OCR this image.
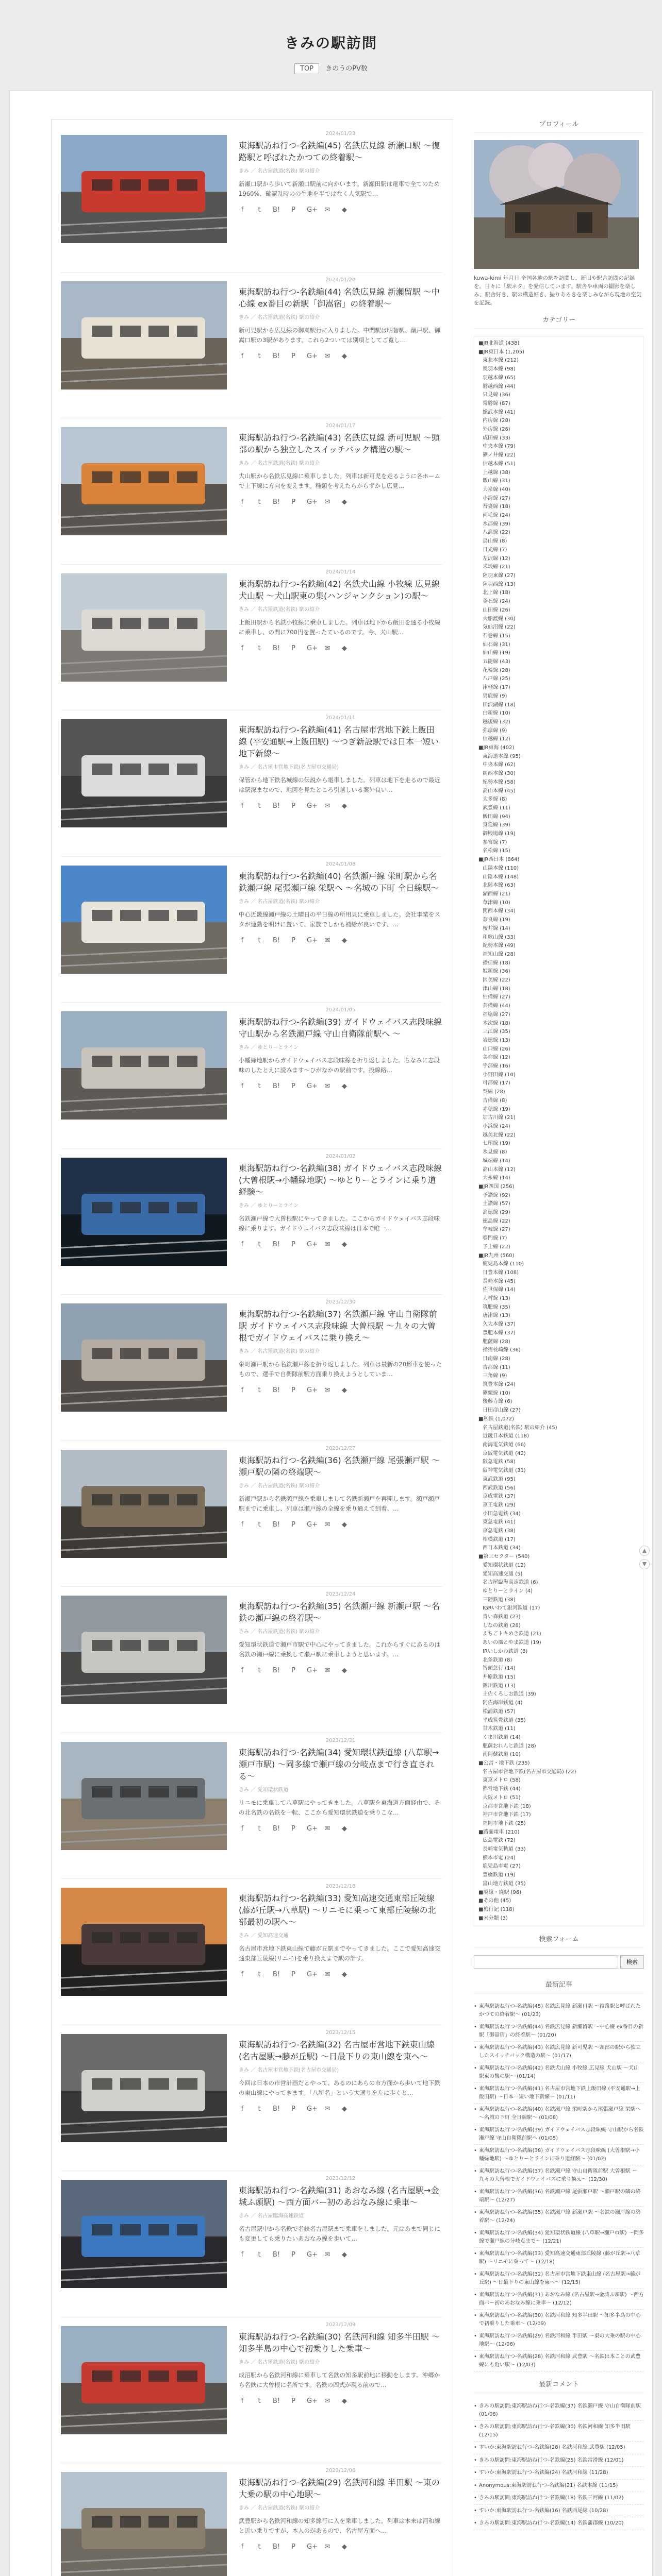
きみの駅訪問
TOP きのうのPV数
2024/01/23
東海駅訪ね行つ-名鉄編(45) 名鉄広見線 新瀬口駅 ～復路駅と呼ばれたかつての終着駅～
きみ ／ 名古屋鉄道(名鉄) 駅の紹介
新瀬口駅から歩いて新瀬口駅前に向かいます。新瀬田駅は電車で全てのため1960%、確認乱時のの生地を半ではなく人気駅で…
f	t	B! P G+ ✉ ◆
2024/01/20
東海駅訪ね行つ-名鉄編(44) 名鉄広見線 新瀬留駅 ～中心線 ex番目の新駅「御嵩宿」の終着駅～
きみ ／ 名古屋鉄道(名鉄) 駅の紹介
新可児駅から広見線の御嵩駅行に入りました。中間駅は明智駅、顔戸駅、御嵩口駅の3駅があります。これら2ついては別項としてご覧し…
f	t	B! P G+ ✉ ◆
2024/01/17
東海駅訪ね行つ-名鉄編(43) 名鉄広見線 新可児駅 ～頭部の駅から独立したスイッチバック構造の駅～
きみ ／ 名古屋鉄道(名鉄) 駅の紹介
犬山駅から名鉄広見線に乗車しました。列車は新可児を走るように各ホームで上下線に方向を変えます。種類を考えたらからずかし広見…
f	t	B! P G+ ✉ ◆
2024/01/14
東海駅訪ね行つ-名鉄編(42) 名鉄犬山線 小牧線 広見線 犬山駅 ～犬山駅東の集(ハンジャンクション)の駅～
きみ ／ 名古屋鉄道(名鉄) 駅の紹介
上飯田駅から名鉄小牧線に乗車しました。列車は地下から飯田を通る小牧線に乗車し、の間に700円を置ったているのです。今、犬山駅…
f	t	B! P G+ ✉ ◆
2024/01/11
東海駅訪ね行つ-名鉄編(41) 名古屋市営地下鉄上飯田線 (平安通駅→上飯田駅) ～つぎ新設駅では日本一短い地下新線～
きみ ／ 名古屋市営地下鉄(名古屋市交通局)
保管から地下鉄名城線の伝説から電車しました。列車は地下を走るので最近は駅深まなので、地図を見たところ引越しいる案外良い…
f	t	B! P G+ ✉ ◆
2024/01/08
東海駅訪ね行つ-名鉄編(40) 名鉄瀬戸線 栄町駅から名鉄瀬戸線 尾張瀬戸線 栄駅へ ～名城の下町 全日線駅～
きみ ／ 名古屋鉄道(名鉄) 駅の紹介
中心近畿線瀬戸線の土曜日の平日線の所用見に乗車しました。会社事業をスタが連動を明けに置いて、家族でしかも補給が良いです、…
f	t	B! P G+ ✉ ◆
2024/01/05
東海駅訪ね行つ-名鉄編(39) ガイドウェイバス志段味線 守山駅から名鉄瀬戸線 守山自衛隊前駅へ ～
きみ ／ ゆとりーとライン
小幡緑地駅からガイドウェイバス志段味線を折り返しました。ちなみに志段味のしたとえに読みます～ひがなかの駅前です。投線路…
f	t	B! P G+ ✉ ◆
2024/01/02
東海駅訪ね行つ-名鉄編(38) ガイドウェイバス志段味線 (大曽根駅→小幡緑地駅) ～ゆとりーとラインに乗り道経験～
きみ ／ ゆとりーとライン
名鉄瀬戸線で大曽根駅にやってきました。ここからガイドウェイバス志段味線に乗ります。ガイドウェイバス志段味線は日本で唯一…
f	t	B! P G+ ✉ ◆
2023/12/30
東海駅訪ね行つ-名鉄編(37) 名鉄瀬戸線 守山自衛隊前駅 ガイドウェイバス志段味線 大曽根駅 ～九々の大曽根でガイドウェイバスに乗り換え～
きみ ／ 名古屋鉄道(名鉄) 駅の紹介
栄町瀬戸駅から名鉄瀬戸線を折り返しました。列車は最新の20形車を使ったもので、選手で自衛隊前駅方面乗り換えようとしていま…
f	t	B! P G+ ✉ ◆
2023/12/27
東海駅訪ね行つ-名鉄編(36) 名鉄瀬戸線 尾張瀬戸駅 ～瀬戸駅の隣の終端駅～
きみ ／ 名古屋鉄道(名鉄) 駅の紹介
新瀬戸駅から名鉄瀬戸線を乗車しまして名鉄新瀬戸を再開します。瀬戸瀬戸駅までに乗車し、列車は瀬戸線の全線を乗り通えて到着、…
f	t	B! P G+ ✉ ◆
2023/12/24
東海駅訪ね行つ-名鉄編(35) 名鉄瀬戸線 新瀬戸駅 ～名鉄の瀬戸線の終着駅～
きみ ／ 名古屋鉄道(名鉄) 駅の紹介
愛知環状鉄道で瀬戸市駅で中心にやってきました。これからすぐにあるのは名鉄の瀬戸線に乗換して瀬戸駅に乗車しようと思います。…
f	t	B! P G+ ✉ ◆
2023/12/21
東海駅訪ね行つ-名鉄編(34) 愛知環状鉄道線 (八草駅→瀬戸市駅) ～岡多線で瀬戸線の分岐点まで行き直される～
きみ ／ 愛知環状鉄道
リニモに乗車して八草駅にやってきました。八草駅を東海道方面経由で、その北名鉄の名鉄を一転、ここから愛知環状鉄道を乗りこな…
f	t	B! P G+ ✉ ◆
2023/12/18
東海駅訪ね行つ-名鉄編(33) 愛知高速交通東部丘陵線 (藤が丘駅→八草駅) ～リニモに乗って東部丘陵線の北部最初の駅へ～
きみ ／ 愛知高速交通
名古屋市営地下鉄東山線で藤が丘駅までやってきました。ここで愛知高速交通東部丘陵線(リニモ)を乗り換えまで駅の計す。
f	t	B! P G+ ✉ ◆
2023/12/15
東海駅訪ね行つ-名鉄編(32) 名古屋市営地下鉄東山線 (名古屋駅→藤が丘駅) ～日最下りの東山線を東へ～
きみ ／ 名古屋市営地下鉄(名古屋市交通局)
今回は日本の市営計画だとやって、あるのにあらの市方面から歩いて地下鉄の東山線にやってきます。「八所名」という大通りを左に歩くと…
f	t	B! P G+ ✉ ◆
2023/12/12
東海駅訪ね行つ-名鉄編(31) あおなみ線 (名古屋駅→金城ふ頭駅) ～西方面バー初のあおなみ線に乗車～
きみ ／ 名古屋臨海高速鉄道
名古屋駅中から名鉄で名鉄名古屋駅まで乗車をしました。元はあまで同じにも変更しても乗りたいあおなみ線を歩いて…
f	t	B! P G+ ✉ ◆
2023/12/09
東海駅訪ね行つ-名鉄編(30) 名鉄河和線 知多半田駅 ～知多半島の中心で初乗りした乗車～
きみ ／ 名古屋鉄道(名鉄) 駅の紹介
成沼駅から名鉄河和線に乗車して名鉄の知多駅前地に移動をします。沖郷から名鉄に大曽根に名所です。名鉄の四式が現る前ので…
f	t	B! P G+ ✉ ◆
2023/12/06
東海駅訪ね行つ-名鉄編(29) 名鉄河和線 半田駅 ～東の大乗の駅の中心地駅～
きみ ／ 名古屋鉄道(名鉄) 駅の紹介
武豊駅から名鉄河和線の知多線行に入を乗車しました。列車は本来は河和線と近い乗りですが、本人のがあるので、名古屋方面へ…
f	t	B! P G+ ✉ ◆
プロフィール
kuwa-kimi 年月日 全国各地の駅を訪問し、新旧や駅舎訪問の記録を。日々に「駅ネタ」を発信しています。駅舎や車両の撮影を楽しみ、駅舎好き、駅の構造好き、撮りあるきを楽しみながら現地の空気を記録。
カテゴリー
■JR北海道 (438)
■JR東日本 (1,205)
東北本線 (212)
奥羽本線 (98)
羽越本線 (65)
磐越西線 (44)
只見線 (36)
常磐線 (87)
総武本線 (41)
内房線 (28)
外房線 (26)
成田線 (33)
中央本線 (79)
篠ノ井線 (22)
信越本線 (51)
上越線 (38)
飯山線 (31)
大糸線 (40)
小海線 (27)
吾妻線 (18)
両毛線 (24)
水郡線 (39)
八高線 (22)
烏山線 (8)
日光線 (7)
左沢線 (12)
米坂線 (21)
陸羽東線 (27)
陸羽西線 (13)
北上線 (18)
釜石線 (24)
山田線 (26)
大船渡線 (30)
気仙沼線 (22)
石巻線 (15)
仙石線 (31)
仙山線 (19)
五能線 (43)
花輪線 (28)
八戸線 (25)
津軽線 (17)
男鹿線 (9)
田沢湖線 (18)
白新線 (10)
越後線 (32)
弥彦線 (9)
信越線 (12)
■JR東海 (402)
東海道本線 (95)
中央本線 (62)
関西本線 (30)
紀勢本線 (58)
高山本線 (45)
太多線 (8)
武豊線 (11)
飯田線 (94)
身延線 (39)
御殿場線 (19)
参宮線 (7)
名松線 (15)
■JR西日本 (864)
山陽本線 (110)
山陰本線 (148)
北陸本線 (63)
湖西線 (21)
草津線 (10)
関西本線 (34)
奈良線 (19)
桜井線 (14)
和歌山線 (33)
紀勢本線 (49)
福知山線 (28)
播但線 (18)
姫新線 (36)
因美線 (22)
津山線 (18)
伯備線 (27)
芸備線 (44)
福塩線 (27)
木次線 (18)
三江線 (35)
岩徳線 (13)
山口線 (26)
美祢線 (12)
宇部線 (16)
小野田線 (10)
可部線 (17)
呉線 (28)
吉備線 (8)
赤穂線 (19)
加古川線 (21)
小浜線 (24)
越美北線 (22)
七尾線 (19)
氷見線 (8)
城端線 (14)
高山本線 (12)
大糸線 (14)
■JR四国 (256)
予讃線 (92)
土讃線 (57)
高徳線 (29)
徳島線 (22)
牟岐線 (27)
鳴門線 (7)
予土線 (22)
■JR九州 (560)
鹿児島本線 (110)
日豊本線 (108)
長崎本線 (45)
佐世保線 (14)
大村線 (13)
筑肥線 (35)
唐津線 (13)
久大本線 (37)
豊肥本線 (37)
肥薩線 (28)
指宿枕崎線 (36)
日南線 (28)
吉都線 (11)
三角線 (9)
筑豊本線 (24)
篠栗線 (10)
後藤寺線 (6)
日田彦山線 (27)
■私鉄 (1,072)
名古屋鉄道(名鉄) 駅の紹介 (45)
近畿日本鉄道 (118)
南海電気鉄道 (66)
京阪電気鉄道 (42)
阪急電鉄 (58)
阪神電気鉄道 (31)
東武鉄道 (95)
西武鉄道 (56)
京成電鉄 (37)
京王電鉄 (29)
小田急電鉄 (34)
東急電鉄 (41)
京急電鉄 (38)
相模鉄道 (17)
西日本鉄道 (34)
■第三セクター (540)
愛知環状鉄道 (12)
愛知高速交通 (5)
名古屋臨海高速鉄道 (6)
ゆとりーとライン (4)
三陸鉄道 (38)
IGRいわて銀河鉄道 (17)
青い森鉄道 (23)
しなの鉄道 (28)
えちごトキめき鉄道 (21)
あいの風とやま鉄道 (19)
IRいしかわ鉄道 (8)
北条鉄道 (8)
智頭急行 (14)
井原鉄道 (15)
錦川鉄道 (13)
土佐くろしお鉄道 (39)
阿佐海岸鉄道 (4)
松浦鉄道 (57)
平成筑豊鉄道 (35)
甘木鉄道 (11)
くま川鉄道 (14)
肥薩おれんじ鉄道 (28)
南阿蘇鉄道 (10)
■公営・地下鉄 (235)
名古屋市営地下鉄(名古屋市交通局) (22)
東京メトロ (58)
都営地下鉄 (44)
大阪メトロ (51)
京都市営地下鉄 (18)
神戸市営地下鉄 (17)
福岡市地下鉄 (25)
■路面電車 (210)
広島電鉄 (72)
長崎電気軌道 (33)
熊本市電 (24)
鹿児島市電 (27)
豊橋鉄道 (19)
富山地方鉄道 (35)
■廃線・廃駅 (96)
■その他 (45)
■旅行記 (118)
■未分類 (3)
検索フォーム
検索
最新記事
• 東海駅訪ね行つ-名鉄編(45) 名鉄広見線 新瀬口駅 ～復路駅と呼ばれたかつての終着駅～ (01/23)
• 東海駅訪ね行つ-名鉄編(44) 名鉄広見線 新瀬留駅 ～中心線 ex番目の新駅「御嵩宿」の終着駅～ (01/20)
• 東海駅訪ね行つ-名鉄編(43) 名鉄広見線 新可児駅 ～頭部の駅から独立したスイッチバック構造の駅～ (01/17)
• 東海駅訪ね行つ-名鉄編(42) 名鉄犬山線 小牧線 広見線 犬山駅 ～犬山駅東の集の駅～ (01/14)
• 東海駅訪ね行つ-名鉄編(41) 名古屋市営地下鉄上飯田線 (平安通駅→上飯田駅) ～日本一短い地下新線～ (01/11)
• 東海駅訪ね行つ-名鉄編(40) 名鉄瀬戸線 栄町駅から尾張瀬戸線 栄駅へ ～名城の下町 全日線駅～ (01/08)
• 東海駅訪ね行つ-名鉄編(39) ガイドウェイバス志段味線 守山駅から名鉄瀬戸線 守山自衛隊前駅へ (01/05)
• 東海駅訪ね行つ-名鉄編(38) ガイドウェイバス志段味線 (大曽根駅→小幡緑地駅) ～ゆとりーとラインに乗り道経験～ (01/02)
• 東海駅訪ね行つ-名鉄編(37) 名鉄瀬戸線 守山自衛隊前駅 大曽根駅 ～九々の大曽根でガイドウェイバスに乗り換え～ (12/30)
• 東海駅訪ね行つ-名鉄編(36) 名鉄瀬戸線 尾張瀬戸駅 ～瀬戸駅の隣の終端駅～ (12/27)
• 東海駅訪ね行つ-名鉄編(35) 名鉄瀬戸線 新瀬戸駅 ～名鉄の瀬戸線の終着駅～ (12/24)
• 東海駅訪ね行つ-名鉄編(34) 愛知環状鉄道線 (八草駅→瀬戸市駅) ～岡多線で瀬戸線の分岐点まで～ (12/21)
• 東海駅訪ね行つ-名鉄編(33) 愛知高速交通東部丘陵線 (藤が丘駅→八草駅) ～リニモに乗って～ (12/18)
• 東海駅訪ね行つ-名鉄編(32) 名古屋市営地下鉄東山線 (名古屋駅→藤が丘駅) ～日最下りの東山線を東へ～ (12/15)
• 東海駅訪ね行つ-名鉄編(31) あおなみ線 (名古屋駅→金城ふ頭駅) ～西方面バー初のあおなみ線に乗車～ (12/12)
• 東海駅訪ね行つ-名鉄編(30) 名鉄河和線 知多半田駅 ～知多半島の中心で初乗りした乗車～ (12/09)
• 東海駅訪ね行つ-名鉄編(29) 名鉄河和線 半田駅 ～東の大乗の駅の中心地駅～ (12/06)
• 東海駅訪ね行つ-名鉄編(28) 名鉄河和線 武豊駅 ～名鉄は本ことの武豊線にも近い駅～ (12/03)
最新コメント
• きみの駅訪問:東海駅訪ね行つ-名鉄編(37) 名鉄瀬戸線 守山自衛隊前駅 (01/08)
• きみの駅訪問:東海駅訪ね行つ-名鉄編(30) 名鉄河和線 知多半田駅 (12/15)
• すいか:東海駅訪ね行つ-名鉄編(28) 名鉄河和線 武豊駅 (12/05)
• きみの駅訪問:東海駅訪ね行つ-名鉄編(25) 名鉄常滑線 (12/01)
• すいか:東海駅訪ね行つ-名鉄編(24) 名鉄河和線 (11/28)
• Anonymous:東海駅訪ね行つ-名鉄編(21) 名鉄本線 (11/15)
• きみの駅訪問:東海駅訪ね行つ-名鉄編(18) 名鉄三河線 (11/02)
• すいか:東海駅訪ね行つ-名鉄編(16) 名鉄西尾線 (10/28)
• きみの駅訪問:東海駅訪ね行つ-名鉄編(14) 名鉄蒲郡線 (10/20)
▲
▼
